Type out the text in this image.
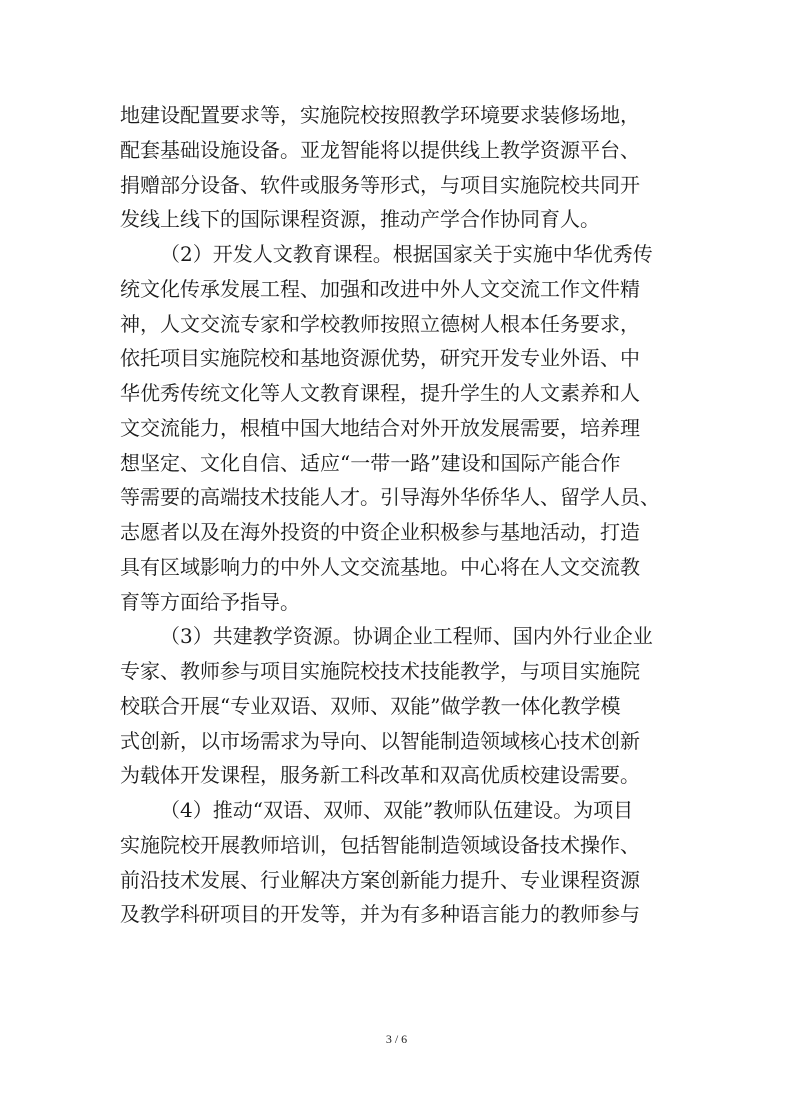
地建设配置要求等，实施院校按照教学环境要求装修场地，
配套基础设施设备。亚龙智能将以提供线上教学资源平台、
捐赠部分设备、软件或服务等形式，与项目实施院校共同开
发线上线下的国际课程资源，推动产学合作协同育人。
（2）开发人文教育课程。根据国家关于实施中华优秀传
统文化传承发展工程、加强和改进中外人文交流工作文件精
神，人文交流专家和学校教师按照立德树人根本任务要求，
依托项目实施院校和基地资源优势，研究开发专业外语、中
华优秀传统文化等人文教育课程，提升学生的人文素养和人
文交流能力，根植中国大地结合对外开放发展需要，培养理
想坚定、文化自信、适应“一带一路”建设和国际产能合作
等需要的高端技术技能人才。引导海外华侨华人、留学人员、
志愿者以及在海外投资的中资企业积极参与基地活动，打造
具有区域影响力的中外人文交流基地。中心将在人文交流教
育等方面给予指导。
（3）共建教学资源。协调企业工程师、国内外行业企业
专家、教师参与项目实施院校技术技能教学，与项目实施院
校联合开展“专业双语、双师、双能”做学教一体化教学模
式创新，以市场需求为导向、以智能制造领域核心技术创新
为载体开发课程，服务新工科改革和双高优质校建设需要。
（4）推动“双语、双师、双能”教师队伍建设。为项目
实施院校开展教师培训，包括智能制造领域设备技术操作、
前沿技术发展、行业解决方案创新能力提升、专业课程资源
及教学科研项目的开发等，并为有多种语言能力的教师参与
3 / 6
